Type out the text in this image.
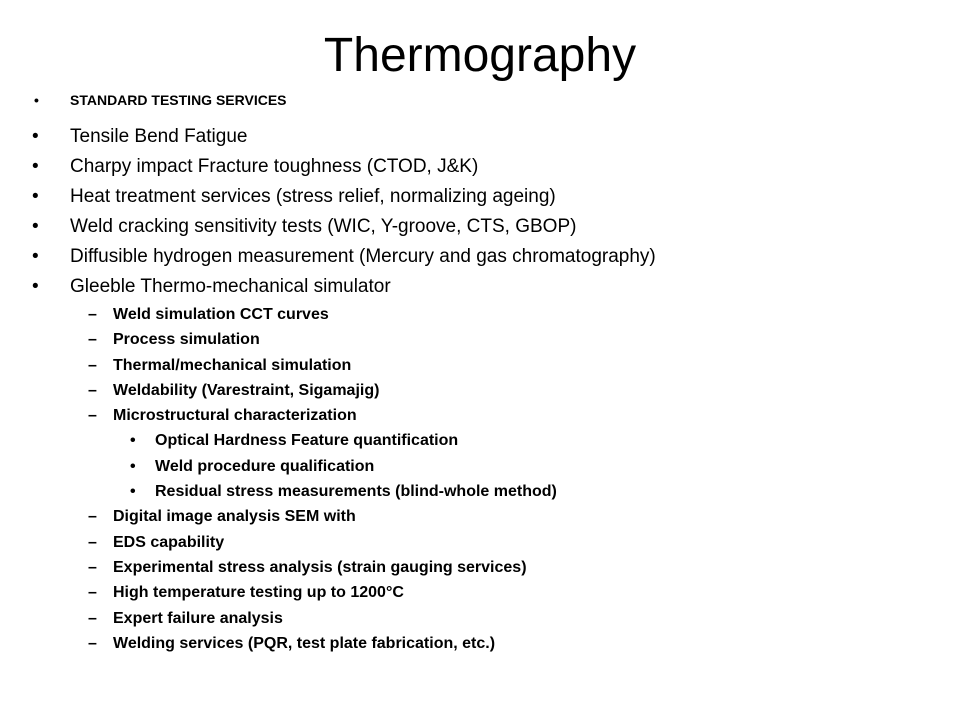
Thermography
• STANDARD TESTING SERVICES
• Tensile Bend Fatigue
• Charpy impact Fracture toughness (CTOD, J&K)
• Heat treatment services (stress relief, normalizing ageing)
• Weld cracking sensitivity tests (WIC, Y-groove, CTS, GBOP)
• Diffusible hydrogen measurement (Mercury and gas chromatography)
• Gleeble Thermo-mechanical simulator
– Weld simulation CCT curves
– Process simulation
– Thermal/mechanical simulation
– Weldability (Varestraint, Sigamajig)
– Microstructural characterization
• Optical Hardness Feature quantification
• Weld procedure qualification
• Residual stress measurements (blind-whole method)
– Digital image analysis SEM with
– EDS capability
– Experimental stress analysis (strain gauging services)
– High temperature testing up to 1200°C
– Expert failure analysis
– Welding services (PQR, test plate fabrication, etc.)
